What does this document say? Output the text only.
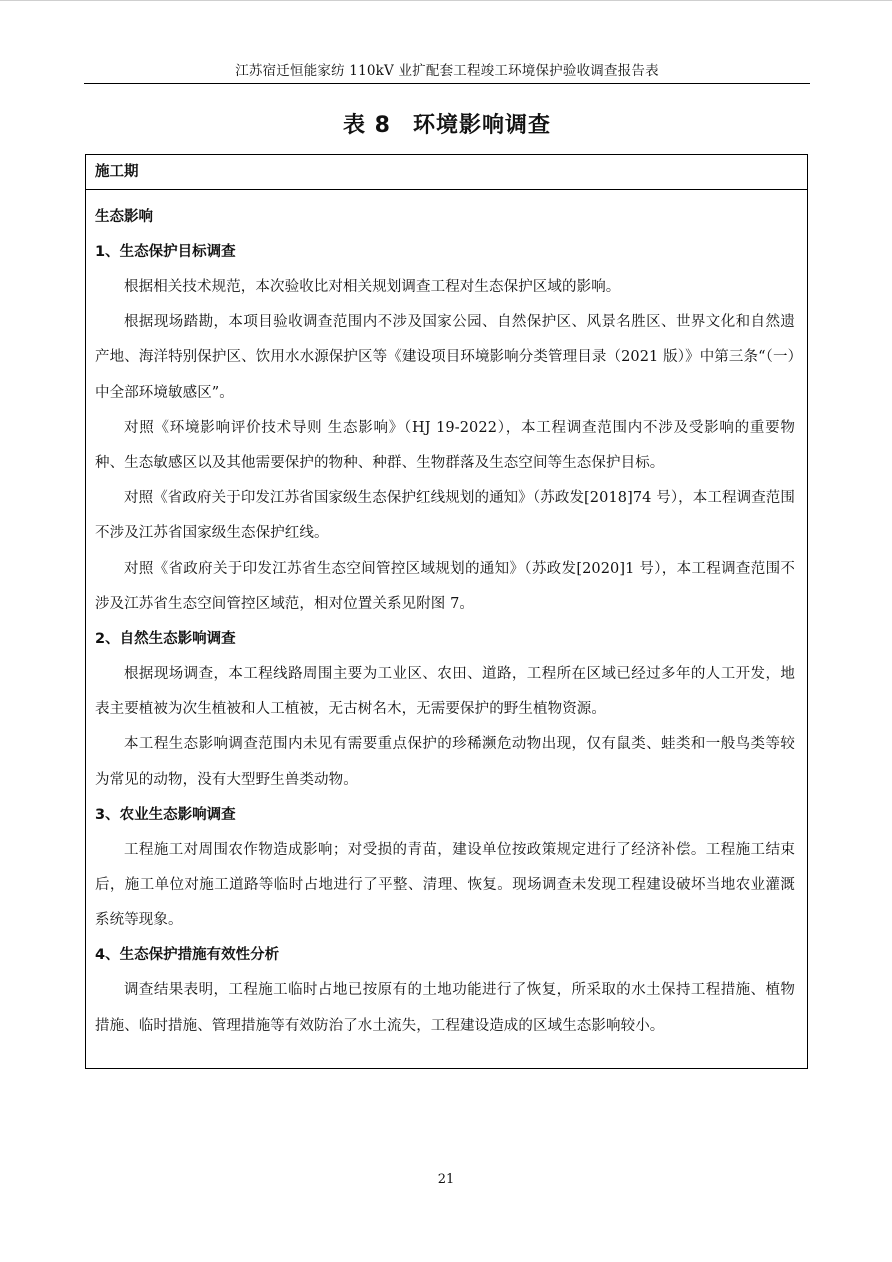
江苏宿迁恒能家纺 110kV 业扩配套工程竣工环境保护验收调查报告表
表 8 环境影响调查
施工期
生态影响
1、生态保护目标调查

根据相关技术规范，本次验收比对相关规划调查工程对生态保护区域的影响。

根据现场踏勘，本项目验收调查范围内不涉及国家公园、自然保护区、风景名胜区、世界文化和自然遗产地、海洋特别保护区、饮用水水源保护区等《建设项目环境影响分类管理目录（2021 版）》中第三条“（一）中全部环境敏感区”。

对照《环境影响评价技术导则 生态影响》（HJ 19-2022），本工程调查范围内不涉及受影响的重要物种、生态敏感区以及其他需要保护的物种、种群、生物群落及生态空间等生态保护目标。

对照《省政府关于印发江苏省国家级生态保护红线规划的通知》（苏政发[2018]74 号），本工程调查范围不涉及江苏省国家级生态保护红线。

对照《省政府关于印发江苏省生态空间管控区域规划的通知》（苏政发[2020]1 号），本工程调查范围不涉及江苏省生态空间管控区域范，相对位置关系见附图 7。

2、自然生态影响调查

根据现场调查，本工程线路周围主要为工业区、农田、道路，工程所在区域已经过多年的人工开发，地表主要植被为次生植被和人工植被，无古树名木，无需要保护的野生植物资源。

本工程生态影响调查范围内未见有需要重点保护的珍稀濒危动物出现，仅有鼠类、蛙类和一般鸟类等较为常见的动物，没有大型野生兽类动物。

3、农业生态影响调查

工程施工对周围农作物造成影响；对受损的青苗，建设单位按政策规定进行了经济补偿。工程施工结束后，施工单位对施工道路等临时占地进行了平整、清理、恢复。现场调查未发现工程建设破坏当地农业灌溉系统等现象。

4、生态保护措施有效性分析

调查结果表明，工程施工临时占地已按原有的土地功能进行了恢复，所采取的水土保持工程措施、植物措施、临时措施、管理措施等有效防治了水土流失，工程建设造成的区域生态影响较小。

21
